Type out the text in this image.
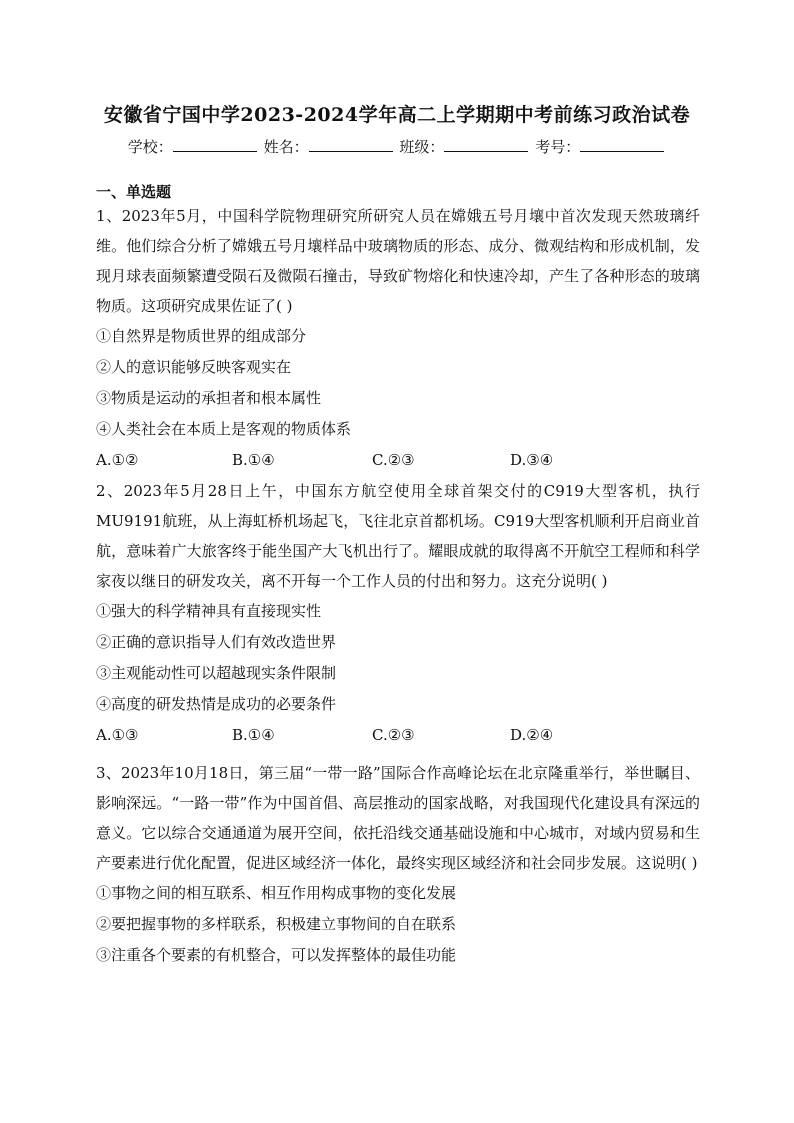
安徽省宁国中学2023-2024学年高二上学期期中考前练习政治试卷
学校：	姓名：	班级：	考号：
一、单选题
1、2023年5月，中国科学院物理研究所研究人员在嫦娥五号月壤中首次发现天然玻璃纤维。他们综合分析了嫦娥五号月壤样品中玻璃物质的形态、成分、微观结构和形成机制，发现月球表面频繁遭受陨石及微陨石撞击，导致矿物熔化和快速冷却，产生了各种形态的玻璃物质。这项研究成果佐证了( )
①自然界是物质世界的组成部分
②人的意识能够反映客观实在
③物质是运动的承担者和根本属性
④人类社会在本质上是客观的物质体系
A.①②	B.①④	C.②③	D.③④
2、2023年5月28日上午，中国东方航空使用全球首架交付的C919大型客机，执行MU9191航班，从上海虹桥机场起飞，飞往北京首都机场。C919大型客机顺利开启商业首航，意味着广大旅客终于能坐国产大飞机出行了。耀眼成就的取得离不开航空工程师和科学家夜以继日的研发攻关，离不开每一个工作人员的付出和努力。这充分说明( )
①强大的科学精神具有直接现实性
②正确的意识指导人们有效改造世界
③主观能动性可以超越现实条件限制
④高度的研发热情是成功的必要条件
A.①③	B.①④	C.②③	D.②④
3、2023年10月18日，第三届“一带一路”国际合作高峰论坛在北京隆重举行，举世瞩目、影响深远。“一路一带”作为中国首倡、高层推动的国家战略，对我国现代化建设具有深远的意义。它以综合交通通道为展开空间，依托沿线交通基础设施和中心城市，对域内贸易和生产要素进行优化配置，促进区域经济一体化，最终实现区域经济和社会同步发展。这说明( )
①事物之间的相互联系、相互作用构成事物的变化发展
②要把握事物的多样联系，积极建立事物间的自在联系
③注重各个要素的有机整合，可以发挥整体的最佳功能
